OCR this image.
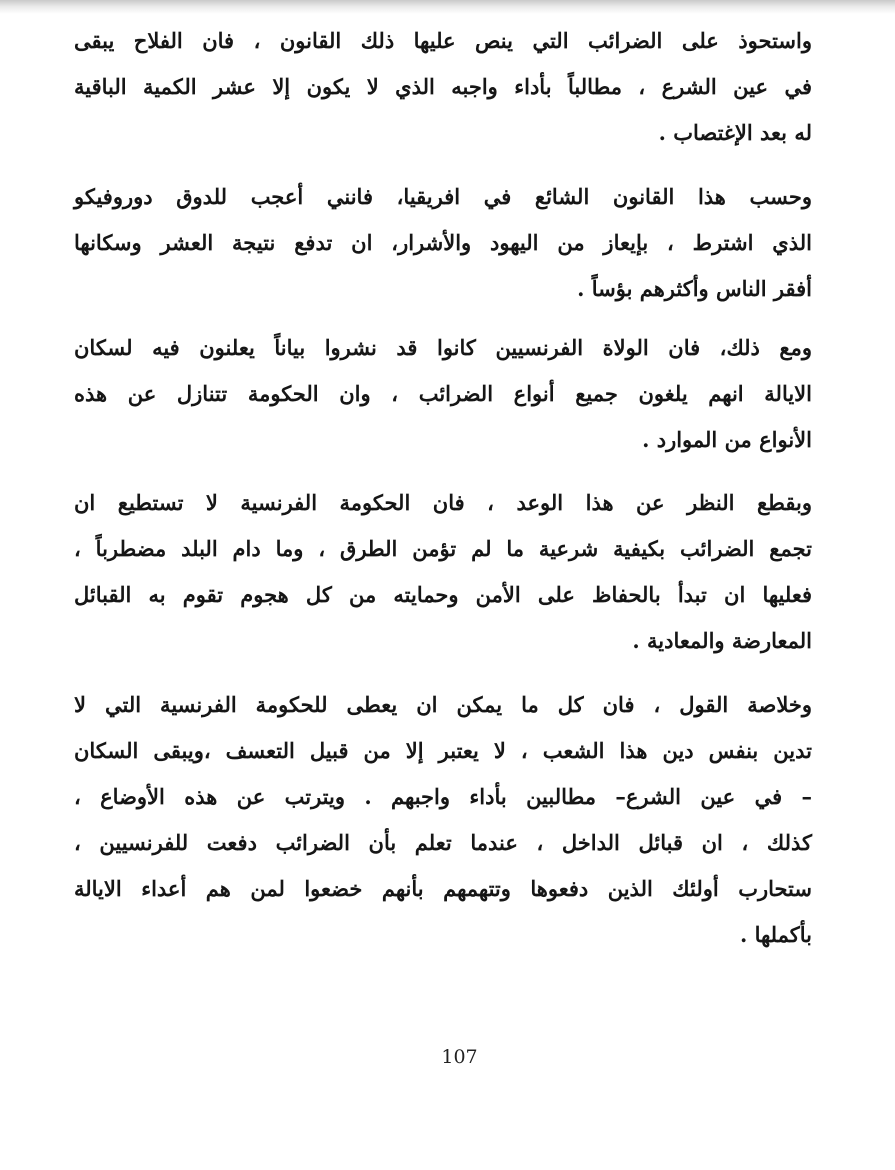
واستحوذ على الضرائب التي ينص عليها ذلك القانون ، فان الفلاح يبقى
في عين الشرع ، مطالباً بأداء واجبه الذي لا يكون إلا عشر الكمية الباقية
له بعد الإغتصاب .
وحسب هذا القانون الشائع في افريقيا، فانني أعجب للدوق دوروفيكو
الذي اشترط ، بإيعاز من اليهود والأشرار، ان تدفع نتيجة العشر وسكانها
أفقر الناس وأكثرهم بؤساً .
ومع ذلك، فان الولاة الفرنسيين كانوا قد نشروا بياناً يعلنون فيه لسكان
الايالة انهم يلغون جميع أنواع الضرائب ، وان الحكومة تتنازل عن هذه
الأنواع من الموارد .
وبقطع النظر عن هذا الوعد ، فان الحكومة الفرنسية لا تستطيع ان
تجمع الضرائب بكيفية شرعية ما لم تؤمن الطرق ، وما دام البلد مضطرباً ،
فعليها ان تبدأ بالحفاظ على الأمن وحمايته من كل هجوم تقوم به القبائل
المعارضة والمعادية .
وخلاصة القول ، فان كل ما يمكن ان يعطى للحكومة الفرنسية التي لا
تدين بنفس دين هذا الشعب ، لا يعتبر إلا من قبيل التعسف ،ويبقى السكان
– في عين الشرع– مطالبين بأداء واجبهم . ويترتب عن هذه الأوضاع ،
كذلك ، ان قبائل الداخل ، عندما تعلم بأن الضرائب دفعت للفرنسيين ،
ستحارب أولئك الذين دفعوها وتتهمهم بأنهم خضعوا لمن هم أعداء الايالة
بأكملها .
107
